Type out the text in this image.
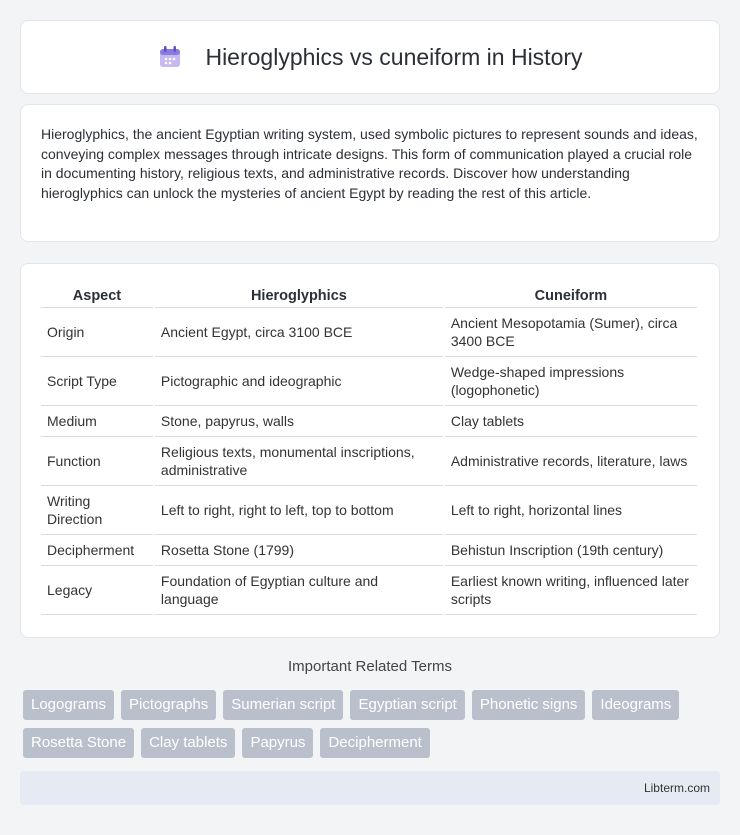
Hieroglyphics vs cuneiform in History

Hieroglyphics, the ancient Egyptian writing system, used symbolic pictures to represent sounds and ideas, conveying complex messages through intricate designs. This form of communication played a crucial role in documenting history, religious texts, and administrative records. Discover how understanding hieroglyphics can unlock the mysteries of ancient Egypt by reading the rest of this article.

Aspect	Hieroglyphics	Cuneiform
Origin	Ancient Egypt, circa 3100 BCE	Ancient Mesopotamia (Sumer), circa 3400 BCE
Script Type	Pictographic and ideographic	Wedge-shaped impressions (logophonetic)
Medium	Stone, papyrus, walls	Clay tablets
Function	Religious texts, monumental inscriptions, administrative	Administrative records, literature, laws
Writing Direction	Left to right, right to left, top to bottom	Left to right, horizontal lines
Decipherment	Rosetta Stone (1799)	Behistun Inscription (19th century)
Legacy	Foundation of Egyptian culture and language	Earliest known writing, influenced later scripts
Important Related Terms
Logograms	Pictographs	Sumerian script	Egyptian script	Phonetic signs	Ideograms
Rosetta Stone	Clay tablets	Papyrus	Decipherment
Libterm.com
